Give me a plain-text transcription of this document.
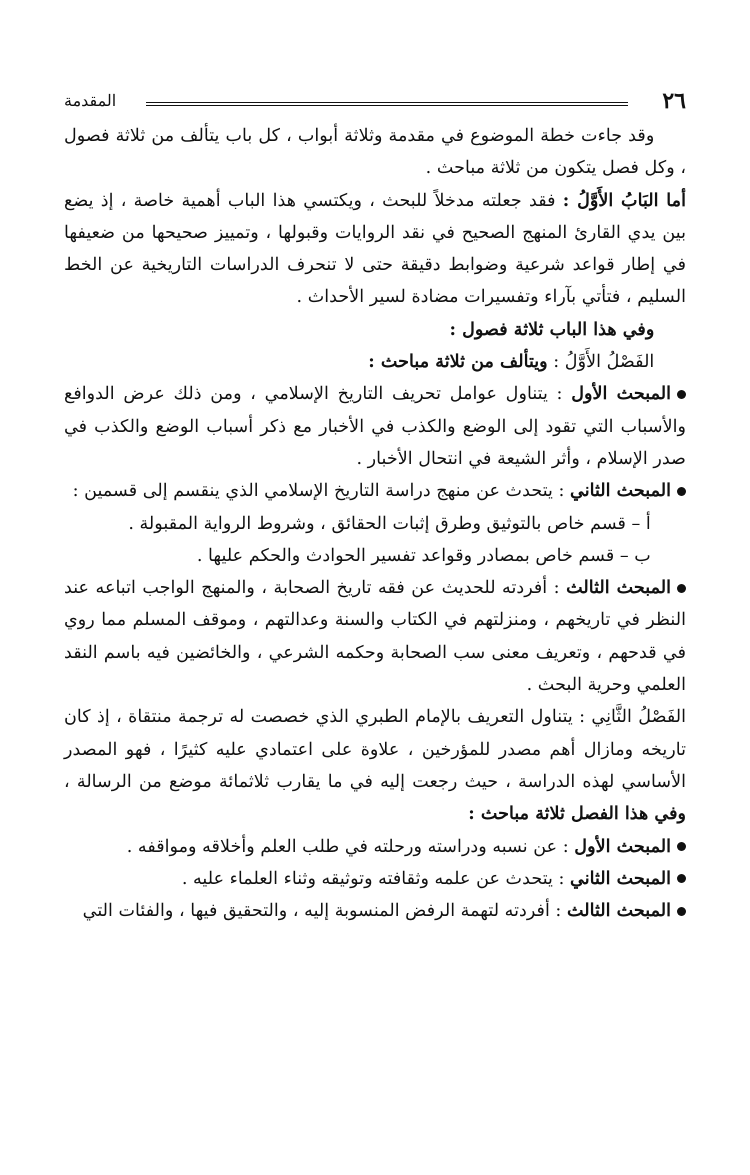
٢٦
المقدمة

وقد جاءت خطة الموضوع في مقدمة وثلاثة أبواب ، كل باب يتألف من ثلاثة فصول ، وكل فصل يتكون من ثلاثة مباحث .

أما البَابُ الأَوَّلُ : فقد جعلته مدخلاً للبحث ، ويكتسي هذا الباب أهمية خاصة ، إذ يضع بين يدي القارئ المنهج الصحيح في نقد الروايات وقبولها ، وتمييز صحيحها من ضعيفها في إطار قواعد شرعية وضوابط دقيقة حتى لا تنحرف الدراسات التاريخية عن الخط السليم ، فتأتي بآراء وتفسيرات مضادة لسير الأحداث .

وفي هذا الباب ثلاثة فصول :

الفَصْلُ الأَوَّلُ : ويتألف من ثلاثة مباحث :

المبحث الأول : يتناول عوامل تحريف التاريخ الإسلامي ، ومن ذلك عرض الدوافع والأسباب التي تقود إلى الوضع والكذب في الأخبار مع ذكر أسباب الوضع والكذب في صدر الإسلام ، وأثر الشيعة في انتحال الأخبار .

المبحث الثاني : يتحدث عن منهج دراسة التاريخ الإسلامي الذي ينقسم إلى قسمين :

أ – قسم خاص بالتوثيق وطرق إثبات الحقائق ، وشروط الرواية المقبولة .

ب – قسم خاص بمصادر وقواعد تفسير الحوادث والحكم عليها .

المبحث الثالث : أفردته للحديث عن فقه تاريخ الصحابة ، والمنهج الواجب اتباعه عند النظر في تاريخهم ، ومنزلتهم في الكتاب والسنة وعدالتهم ، وموقف المسلم مما روي في قدحهم ، وتعريف معنى سب الصحابة وحكمه الشرعي ، والخائضين فيه باسم النقد العلمي وحرية البحث .

الفَصْلُ الثَّانِي : يتناول التعريف بالإمام الطبري الذي خصصت له ترجمة منتقاة ، إذ كان تاريخه ومازال أهم مصدر للمؤرخين ، علاوة على اعتمادي عليه كثيرًا ، فهو المصدر الأساسي لهذه الدراسة ، حيث رجعت إليه في ما يقارب ثلاثمائة موضع من الرسالة ، وفي هذا الفصل ثلاثة مباحث :

المبحث الأول : عن نسبه ودراسته ورحلته في طلب العلم وأخلاقه ومواقفه .

المبحث الثاني : يتحدث عن علمه وثقافته وتوثيقه وثناء العلماء عليه .

المبحث الثالث : أفردته لتهمة الرفض المنسوبة إليه ، والتحقيق فيها ، والفئات التي
